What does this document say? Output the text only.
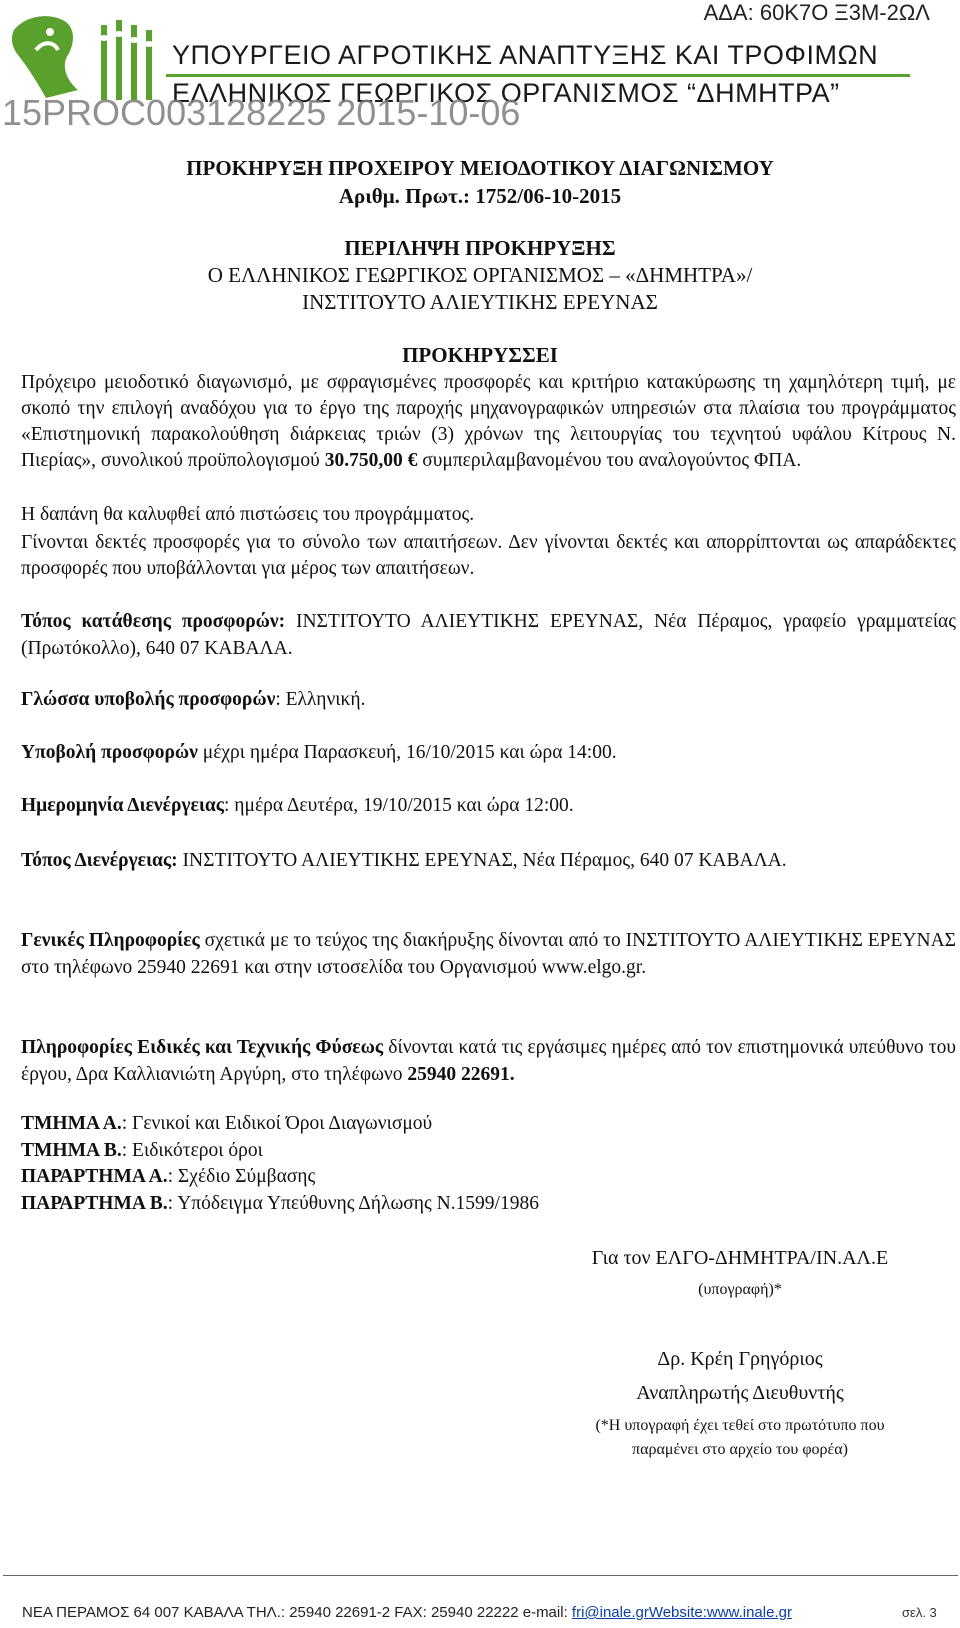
ΑΔΑ: 60Κ7Ο Ξ3Μ-2ΩΛ
ΥΠΟΥΡΓΕΙΟ ΑΓΡΟΤΙΚΗΣ ΑΝΑΠΤΥΞΗΣ ΚΑΙ ΤΡΟΦΙΜΩΝ
ΕΛΛΗΝΙΚΟΣ ΓΕΩΡΓΙΚΟΣ ΟΡΓΑΝΙΣΜΟΣ “ΔΗΜΗΤΡΑ”
15PROC003128225 2015-10-06
ΠΡΟΚΗΡΥΞΗ ΠΡΟΧΕΙΡΟΥ ΜΕΙΟΔΟΤΙΚΟΥ ΔΙΑΓΩΝΙΣΜΟΥ
Αριθμ. Πρωτ.: 1752/06-10-2015
ΠΕΡΙΛΗΨΗ ΠΡΟΚΗΡΥΞΗΣ
Ο ΕΛΛΗΝΙΚΟΣ ΓΕΩΡΓΙΚΟΣ ΟΡΓΑΝΙΣΜΟΣ – «ΔΗΜΗΤΡΑ»/
ΙΝΣΤΙΤΟΥΤΟ ΑΛΙΕΥΤΙΚΗΣ ΕΡΕΥΝΑΣ
ΠΡΟΚΗΡΥΣΣΕΙ
Πρόχειρο μειοδοτικό διαγωνισμό, με σφραγισμένες προσφορές και κριτήριο κατακύρωσης τη χαμηλότερη τιμή, με σκοπό την επιλογή αναδόχου για το έργο της παροχής μηχανογραφικών υπηρεσιών στα πλαίσια του προγράμματος «Επιστημονική παρακολούθηση διάρκειας τριών (3) χρόνων της λειτουργίας του τεχνητού υφάλου Κίτρους Ν. Πιερίας», συνολικού προϋπολογισμού 30.750,00 € συμπεριλαμβανομένου του αναλογούντος ΦΠΑ.
Η δαπάνη θα καλυφθεί από πιστώσεις του προγράμματος.
Γίνονται δεκτές προσφορές για το σύνολο των απαιτήσεων. Δεν γίνονται δεκτές και απορρίπτονται ως απαράδεκτες προσφορές που υποβάλλονται για μέρος των απαιτήσεων.
Τόπος κατάθεσης προσφορών: ΙΝΣΤΙΤΟΥΤΟ ΑΛΙΕΥΤΙΚΗΣ ΕΡΕΥΝΑΣ, Νέα Πέραμος, γραφείο γραμματείας (Πρωτόκολλο), 640 07 ΚΑΒΑΛΑ.
Γλώσσα υποβολής προσφορών: Ελληνική.
Υποβολή προσφορών μέχρι ημέρα Παρασκευή, 16/10/2015 και ώρα 14:00.
Ημερομηνία Διενέργειας: ημέρα Δευτέρα, 19/10/2015 και ώρα 12:00.
Τόπος Διενέργειας: ΙΝΣΤΙΤΟΥΤΟ ΑΛΙΕΥΤΙΚΗΣ ΕΡΕΥΝΑΣ, Νέα Πέραμος, 640 07 ΚΑΒΑΛΑ.
Γενικές Πληροφορίες σχετικά με το τεύχος της διακήρυξης δίνονται από το ΙΝΣΤΙΤΟΥΤΟ ΑΛΙΕΥΤΙΚΗΣ ΕΡΕΥΝΑΣ στο τηλέφωνο 25940 22691 και στην ιστοσελίδα του Οργανισμού www.elgo.gr.
Πληροφορίες Ειδικές και Τεχνικής Φύσεως δίνονται κατά τις εργάσιμες ημέρες από τον επιστημονικά υπεύθυνο του έργου, Δρα Καλλιανιώτη Αργύρη, στο τηλέφωνο 25940 22691.
ΤΜΗΜΑ Α.: Γενικοί και Ειδικοί Όροι Διαγωνισμού
ΤΜΗΜΑ Β.: Ειδικότεροι όροι
ΠΑΡΑΡΤΗΜΑ Α.: Σχέδιο Σύμβασης
ΠΑΡΑΡΤΗΜΑ Β.: Υπόδειγμα Υπεύθυνης Δήλωσης Ν.1599/1986
Για τον ΕΛΓΟ-ΔΗΜΗΤΡΑ/ΙΝ.ΑΛ.Ε
(υπογραφή)*
Δρ. Κρέη Γρηγόριος
Αναπληρωτής Διευθυντής
(*Η υπογραφή έχει τεθεί στο πρωτότυπο που
παραμένει στο αρχείο του φορέα)
ΝΕΑ ΠΕΡΑΜΟΣ 64 007 ΚΑΒΑΛΑ ΤΗΛ.: 25940 22691-2 FAX: 25940 22222 e-mail: fri@inale.grWebsite:www.inale.gr	σελ. 3
